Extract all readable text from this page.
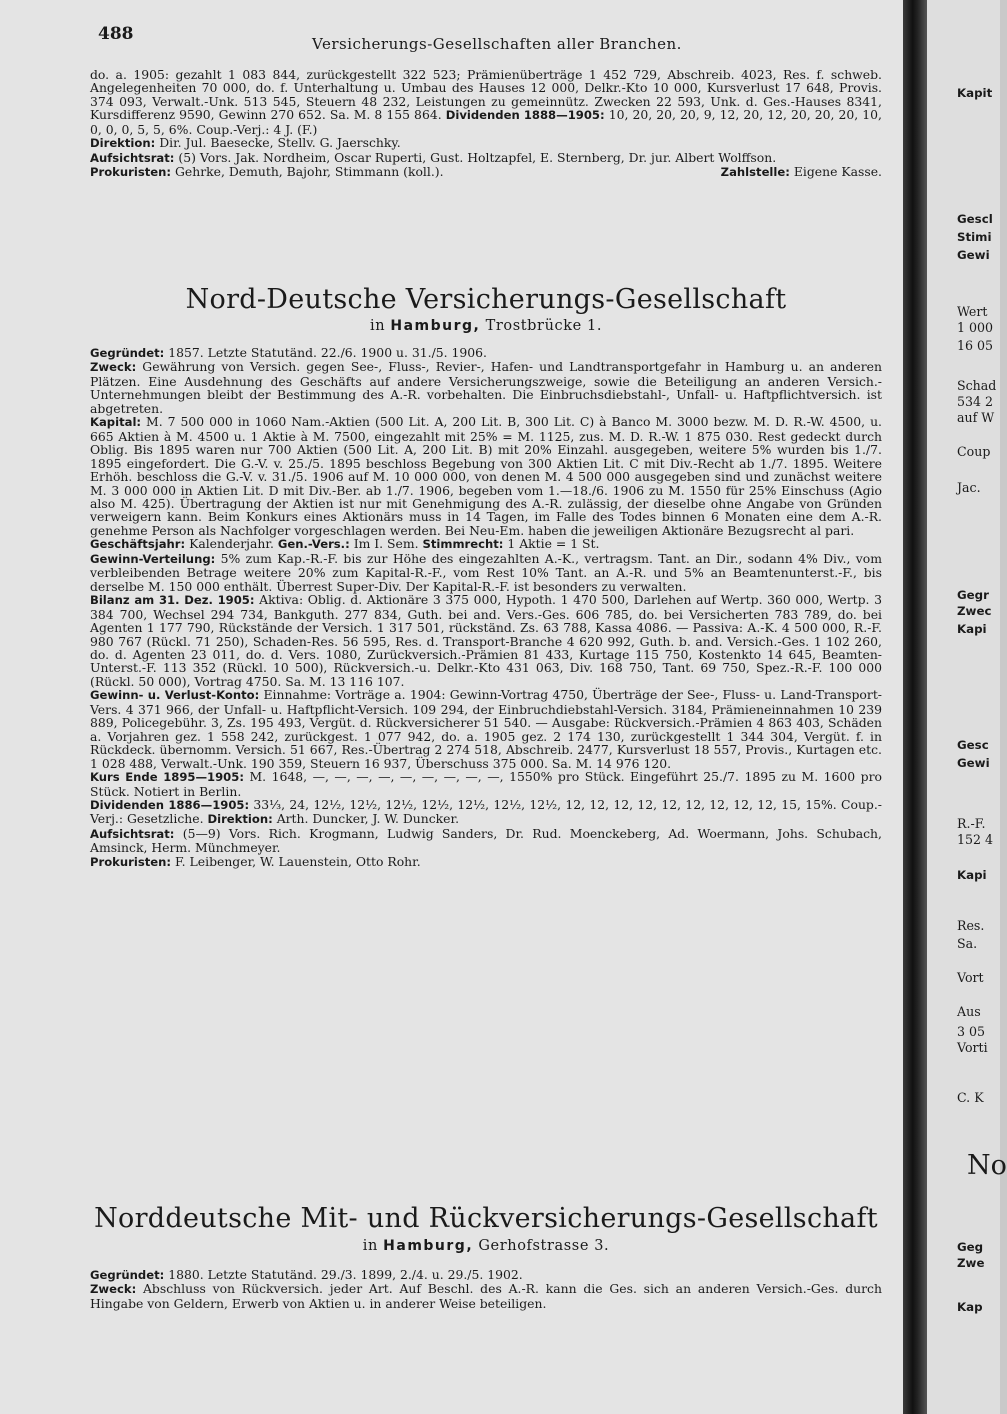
488	Versicherungs-Gesellschaften aller Branchen.

do. a. 1905: gezahlt 1 083 844, zurückgestellt 322 523; Prämienüberträge 1 452 729, Abschreib. 4023, Res. f. schweb. Angelegenheiten 70 000, do. f. Unterhaltung u. Umbau des Hauses 12 000, Delkr.-Kto 10 000, Kursverlust 17 648, Provis. 374 093, Verwalt.-Unk. 513 545, Steuern 48 232, Leistungen zu gemeinnütz. Zwecken 22 593, Unk. d. Ges.-Hauses 8341, Kursdifferenz 9590, Gewinn 270 652. Sa. M. 8 155 864. Dividenden 1888—1905: 10, 20, 20, 20, 9, 12, 20, 12, 20, 20, 20, 10, 0, 0, 0, 5, 5, 6%. Coup.-Verj.: 4 J. (F.)
Direktion: Dir. Jul. Baesecke, Stellv. G. Jaerschky.
Aufsichtsrat: (5) Vors. Jak. Nordheim, Oscar Ruperti, Gust. Holtzapfel, E. Sternberg, Dr. jur. Albert Wolffson.
Prokuristen: Gehrke, Demuth, Bajohr, Stimmann (koll.).	Zahlstelle: Eigene Kasse.

Nord-Deutsche Versicherungs-Gesellschaft
in Hamburg, Trostbrücke 1.

Gegründet: 1857. Letzte Statutänd. 22./6. 1900 u. 31./5. 1906.
Zweck: Gewährung von Versich. gegen See-, Fluss-, Revier-, Hafen- und Landtransportgefahr in Hamburg u. an anderen Plätzen. Eine Ausdehnung des Geschäfts auf andere Versicherungszweige, sowie die Beteiligung an anderen Versich.-Unternehmungen bleibt der Bestimmung des A.-R. vorbehalten. Die Einbruchsdiebstahl-, Unfall- u. Haftpflichtversich. ist abgetreten.
Kapital: M. 7 500 000 in 1060 Nam.-Aktien (500 Lit. A, 200 Lit. B, 300 Lit. C) à Banco M. 3000 bezw. M. D. R.-W. 4500, u. 665 Aktien à M. 4500 u. 1 Aktie à M. 7500, eingezahlt mit 25% = M. 1125, zus. M. D. R.-W. 1 875 030. Rest gedeckt durch Oblig. Bis 1895 waren nur 700 Aktien (500 Lit. A, 200 Lit. B) mit 20% Einzahl. ausgegeben, weitere 5% wurden bis 1./7. 1895 eingefordert. Die G.-V. v. 25./5. 1895 beschloss Begebung von 300 Aktien Lit. C mit Div.-Recht ab 1./7. 1895. Weitere Erhöh. beschloss die G.-V. v. 31./5. 1906 auf M. 10 000 000, von denen M. 4 500 000 ausgegeben sind und zunächst weitere M. 3 000 000 in Aktien Lit. D mit Div.-Ber. ab 1./7. 1906, begeben vom 1.—18./6. 1906 zu M. 1550 für 25% Einschuss (Agio also M. 425). Übertragung der Aktien ist nur mit Genehmigung des A.-R. zulässig, der dieselbe ohne Angabe von Gründen verweigern kann. Beim Konkurs eines Aktionärs muss in 14 Tagen, im Falle des Todes binnen 6 Monaten eine dem A.-R. genehme Person als Nachfolger vorgeschlagen werden. Bei Neu-Em. haben die jeweiligen Aktionäre Bezugsrecht al pari.
Geschäftsjahr: Kalenderjahr. Gen.-Vers.: Im I. Sem. Stimmrecht: 1 Aktie = 1 St.
Gewinn-Verteilung: 5% zum Kap.-R.-F. bis zur Höhe des eingezahlten A.-K., vertragsm. Tant. an Dir., sodann 4% Div., vom verbleibenden Betrage weitere 20% zum Kapital-R.-F., vom Rest 10% Tant. an A.-R. und 5% an Beamtenunterst.-F., bis derselbe M. 150 000 enthält. Überrest Super-Div. Der Kapital-R.-F. ist besonders zu verwalten.
Bilanz am 31. Dez. 1905: Aktiva: Oblig. d. Aktionäre 3 375 000, Hypoth. 1 470 500, Darlehen auf Wertp. 360 000, Wertp. 3 384 700, Wechsel 294 734, Bankguth. 277 834, Guth. bei and. Vers.-Ges. 606 785, do. bei Versicherten 783 789, do. bei Agenten 1 177 790, Rückstände der Versich. 1 317 501, rückständ. Zs. 63 788, Kassa 4086. — Passiva: A.-K. 4 500 000, R.-F. 980 767 (Rückl. 71 250), Schaden-Res. 56 595, Res. d. Transport-Branche 4 620 992, Guth. b. and. Versich.-Ges. 1 102 260, do. d. Agenten 23 011, do. d. Vers. 1080, Zurückversich.-Prämien 81 433, Kurtage 115 750, Kostenkto 14 645, Beamten-Unterst.-F. 113 352 (Rückl. 10 500), Rückversich.-u. Delkr.-Kto 431 063, Div. 168 750, Tant. 69 750, Spez.-R.-F. 100 000 (Rückl. 50 000), Vortrag 4750. Sa. M. 13 116 107.
Gewinn- u. Verlust-Konto: Einnahme: Vorträge a. 1904: Gewinn-Vortrag 4750, Überträge der See-, Fluss- u. Land-Transport-Vers. 4 371 966, der Unfall- u. Haftpflicht-Versich. 109 294, der Einbruchdiebstahl-Versich. 3184, Prämieneinnahmen 10 239 889, Policegebühr. 3, Zs. 195 493, Vergüt. d. Rückversicherer 51 540. — Ausgabe: Rückversich.-Prämien 4 863 403, Schäden a. Vorjahren gez. 1 558 242, zurückgest. 1 077 942, do. a. 1905 gez. 2 174 130, zurückgestellt 1 344 304, Vergüt. f. in Rückdeck. übernomm. Versich. 51 667, Res.-Übertrag 2 274 518, Abschreib. 2477, Kursverlust 18 557, Provis., Kurtagen etc. 1 028 488, Verwalt.-Unk. 190 359, Steuern 16 937, Überschuss 375 000. Sa. M. 14 976 120.
Kurs Ende 1895—1905: M. 1648, —, —, —, —, —, —, —, —, —, 1550% pro Stück. Eingeführt 25./7. 1895 zu M. 1600 pro Stück. Notiert in Berlin.
Dividenden 1886—1905: 33⅓, 24, 12½, 12½, 12½, 12½, 12½, 12½, 12½, 12, 12, 12, 12, 12, 12, 12, 12, 12, 15, 15%. Coup.-Verj.: Gesetzliche. Direktion: Arth. Duncker, J. W. Duncker.
Aufsichtsrat: (5—9) Vors. Rich. Krogmann, Ludwig Sanders, Dr. Rud. Moenckeberg, Ad. Woermann, Johs. Schubach, Amsinck, Herm. Münchmeyer.
Prokuristen: F. Leibenger, W. Lauenstein, Otto Rohr.

Norddeutsche Mit- und Rückversicherungs-Gesellschaft
in Hamburg, Gerhofstrasse 3.

Gegründet: 1880. Letzte Statutänd. 29./3. 1899, 2./4. u. 29./5. 1902.
Zweck: Abschluss von Rückversich. jeder Art. Auf Beschl. des A.-R. kann die Ges. sich an anderen Versich.-Ges. durch Hingabe von Geldern, Erwerb von Aktien u. in anderer Weise beteiligen.

Kapit
Gescl
Stimi
Gewi
Wert
1 000
16 05
Schad
534 2
auf W
Coup
Jac.
Gegr
Zwec
Kapi
Gesc
Gewi
R.-F.
152 4
Kapi
Res.
Sa.
Vort
Aus
3 05
Vorti
C. K
No
Geg
Zwe
Kap
